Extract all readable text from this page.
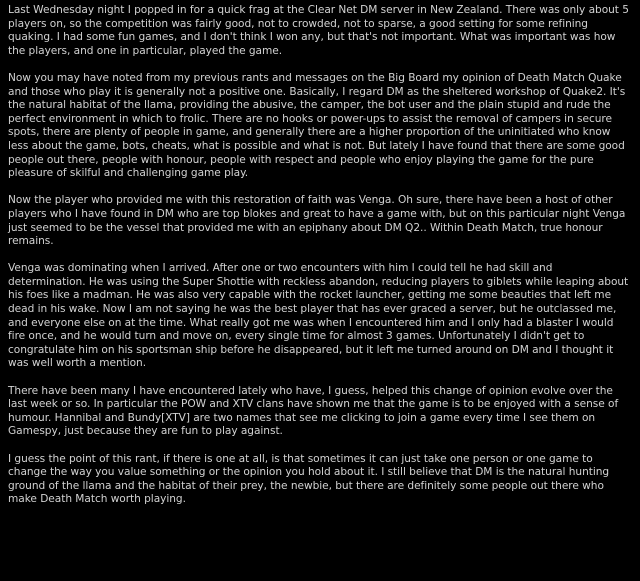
Last Wednesday night I popped in for a quick frag at the Clear Net DM server in New Zealand. There was only about 5 players on, so the competition was fairly good, not to crowded, not to sparse, a good setting for some refining quaking. I had some fun games, and I don't think I won any, but that's not important. What was important was how the players, and one in particular, played the game.

Now you may have noted from my previous rants and messages on the Big Board my opinion of Death Match Quake and those who play it is generally not a positive one. Basically, I regard DM as the sheltered workshop of Quake2. It's the natural habitat of the llama, providing the abusive, the camper, the bot user and the plain stupid and rude the perfect environment in which to frolic. There are no hooks or power-ups to assist the removal of campers in secure spots, there are plenty of people in game, and generally there are a higher proportion of the uninitiated who know less about the game, bots, cheats, what is possible and what is not. But lately I have found that there are some good people out there, people with honour, people with respect and people who enjoy playing the game for the pure pleasure of skilful and challenging game play.

Now the player who provided me with this restoration of faith was Venga. Oh sure, there have been a host of other players who I have found in DM who are top blokes and great to have a game with, but on this particular night Venga just seemed to be the vessel that provided me with an epiphany about DM Q2.. Within Death Match, true honour remains.

Venga was dominating when I arrived. After one or two encounters with him I could tell he had skill and determination. He was using the Super Shottie with reckless abandon, reducing players to giblets while leaping about his foes like a madman. He was also very capable with the rocket launcher, getting me some beauties that left me dead in his wake. Now I am not saying he was the best player that has ever graced a server, but he outclassed me, and everyone else on at the time. What really got me was when I encountered him and I only had a blaster I would fire once, and he would turn and move on, every single time for almost 3 games. Unfortunately I didn't get to congratulate him on his sportsman ship before he disappeared, but it left me turned around on DM and I thought it was well worth a mention.

There have been many I have encountered lately who have, I guess, helped this change of opinion evolve over the last week or so. In particular the POW and XTV clans have shown me that the game is to be enjoyed with a sense of humour. Hannibal and Bundy[XTV] are two names that see me clicking to join a game every time I see them on Gamespy, just because they are fun to play against.

I guess the point of this rant, if there is one at all, is that sometimes it can just take one person or one game to change the way you value something or the opinion you hold about it. I still believe that DM is the natural hunting ground of the llama and the habitat of their prey, the newbie, but there are definitely some people out there who make Death Match worth playing.
